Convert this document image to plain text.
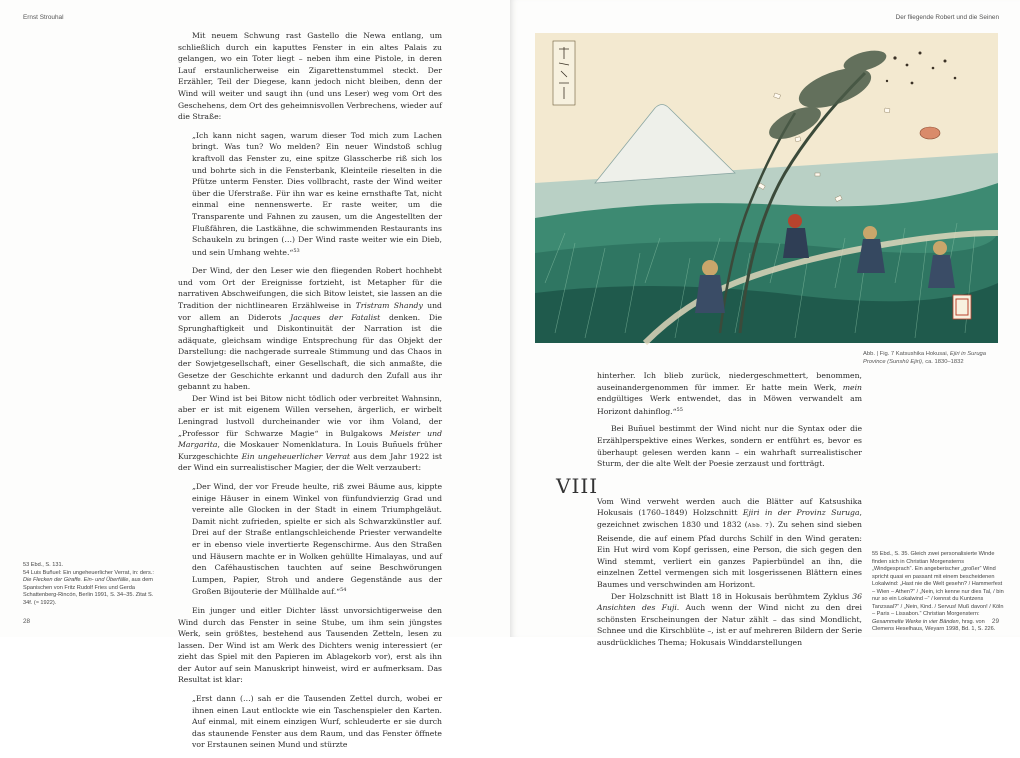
Ernst Strouhal

Mit neuem Schwung rast Gastello die Newa entlang, um schließlich durch ein kaputtes Fenster in ein altes Palais zu gelangen, wo ein Toter liegt – neben ihm eine Pistole, in deren Lauf erstaunlicherweise ein Zigarettenstummel steckt. Der Erzähler, Teil der Diegese, kann jedoch nicht bleiben, denn der Wind will weiter und saugt ihn (und uns Leser) weg vom Ort des Geschehens, dem Ort des geheimnisvollen Verbrechens, wieder auf die Straße:

„Ich kann nicht sagen, warum dieser Tod mich zum Lachen bringt. Was tun? Wo melden? Ein neuer Windstoß schlug kraftvoll das Fenster zu, eine spitze Glasscherbe riß sich los und bohrte sich in die Fensterbank, Kleinteile rieselten in die Pfütze unterm Fenster. Dies vollbracht, raste der Wind weiter über die Uferstraße. Für ihn war es keine ernsthafte Tat, nicht einmal eine nennenswerte. Er raste weiter, um die Transparente und Fahnen zu zausen, um die Angestellten der Flußfähren, die Lastkähne, die schwimmenden Restaurants ins Schaukeln zu bringen (…) Der Wind raste weiter wie ein Dieb, und sein Umhang wehte.“$^{53}$

Der Wind, der den Leser wie den fliegenden Robert hochhebt und vom Ort der Ereignisse fortzieht, ist Metapher für die narrativen Abschweifungen, die sich Bitow leistet, sie lassen an die Tradition der nichtlinearen Erzählweise in Tristram Shandy und vor allem an Diderots Jacques der Fatalist denken. Die Sprunghaftigkeit und Diskontinuität der Narration ist die adäquate, gleichsam windige Entsprechung für das Objekt der Darstellung: die nachgerade surreale Stimmung und das Chaos in der Sowjetgesellschaft, einer Gesellschaft, die sich anmaßte, die Gesetze der Geschichte erkannt und dadurch den Zufall aus ihr gebannt zu haben.

Der Wind ist bei Bitow nicht tödlich oder verbreitet Wahnsinn, aber er ist mit eigenem Willen versehen, ärgerlich, er wirbelt Leningrad lustvoll durcheinander wie vor ihm Voland, der „Professor für Schwarze Magie“ in Bulgakows Meister und Margarita, die Moskauer Nomenklatura. In Louis Buñuels früher Kurzgeschichte Ein ungeheuerlicher Verrat aus dem Jahr 1922 ist der Wind ein surrealistischer Magier, der die Welt verzaubert:

„Der Wind, der vor Freude heulte, riß zwei Bäume aus, kippte einige Häuser in einem Winkel von fünfundvierzig Grad und vereinte alle Glocken in der Stadt in einem Triumphgeläut. Damit nicht zufrieden, spielte er sich als Schwarzkünstler auf. Drei auf der Straße entlangschleichende Priester verwandelte er in ebenso viele invertierte Regenschirme. Aus den Straßen und Häusern machte er in Wolken gehüllte Himalayas, und auf den Caféhaustischen tauchten auf seine Beschwörungen Lumpen, Papier, Stroh und andere Gegenstände aus der Großen Bijouterie der Müllhalde auf.“$^{54}$

Ein junger und eitler Dichter lässt unvorsichtigerweise den Wind durch das Fenster in seine Stube, um ihm sein jüngstes Werk, sein größtes, bestehend aus Tausenden Zetteln, lesen zu lassen. Der Wind ist am Werk des Dichters wenig interessiert (er zieht das Spiel mit den Papieren im Ablagekorb vor), erst als ihn der Autor auf sein Manuskript hinweist, wird er aufmerksam. Das Resultat ist klar:

„Erst dann (…) sah er die Tausenden Zettel durch, wobei er ihnen einen Laut entlockte wie ein Taschenspieler den Karten. Auf einmal, mit einem einzigen Wurf, schleuderte er sie durch das staunende Fenster aus dem Raum, und das Fenster öffnete vor Erstaunen seinen Mund und stürzte

53 Ebd., S. 131.

54 Luis Buñuel: Ein ungeheuerlicher Verrat, in: ders.: Die Flecken der Giraffe. Ein- und Überfälle, aus dem Spanischen von Fritz Rudolf Fries und Gerda Schattenberg-Rincón, Berlin 1991, S. 34–35. Zitat S. 34f. (≈ 1922).

28
Der fliegende Robert und die Seinen

hinterher. Ich blieb zurück, niedergeschmettert, benommen, auseinandergenommen für immer. Er hatte mein Werk, mein endgültiges Werk entwendet, das in Möwen verwandelt am Horizont dahinflog.“$^{55}$

Bei Buñuel bestimmt der Wind nicht nur die Syntax oder die Erzählperspektive eines Werkes, sondern er entführt es, bevor es überhaupt gelesen werden kann – ein wahrhaft surrealistischer Sturm, der die alte Welt der Poesie zerzaust und fortträgt.

Vom Wind verweht werden auch die Blätter auf Katsushika Hokusais (1760–1849) Holzschnitt Ejiri in der Provinz Suruga, gezeichnet zwischen 1830 und 1832 (Abb. 7). Zu sehen sind sieben Reisende, die auf einem Pfad durchs Schilf in den Wind geraten: Ein Hut wird vom Kopf gerissen, eine Person, die sich gegen den Wind stemmt, verliert ein ganzes Papierbündel an ihn, die einzelnen Zettel vermengen sich mit losgerissenen Blättern eines Baumes und verschwinden am Horizont.

Der Holzschnitt ist Blatt 18 in Hokusais berühmtem Zyklus 36 Ansichten des Fuji. Auch wenn der Wind nicht zu den drei schönsten Erscheinungen der Natur zählt – das sind Mondlicht, Schnee und die Kirschblüte –, ist er auf mehreren Bildern der Serie ausdrückliches Thema; Hokusais Winddarstellungen

VIII
Abb. | Fig. 7 Katsushika Hokusai, Ejiri in Suruga Province (Sunshū Ejiri), ca. 1830–1832

55 Ebd., S. 35. Gleich zwei personalisierte Winde finden sich in Christian Morgensterns „Windgesprach“. Ein angeberischer „großer“ Wind spricht quasi en passant mit einem bescheidenen Lokalwind: „Hast nie die Welt gesehn? / Hammerfest – Wien – Athen?“ / „Nein, ich kenne nur dies Tal, / bin nur so ein Lokalwind –“ / kennst du Kuntzens Tanzsaal?“ / „Nein, Kind. / Servus! Muß davon! / Köln – Paris – Lissabon.“ Christian Morgenstern: Gesammelte Werke in vier Bänden, hrsg. von Clemens Heselhaus, Weyarn 1998, Bd. 1, S. 226.

29
